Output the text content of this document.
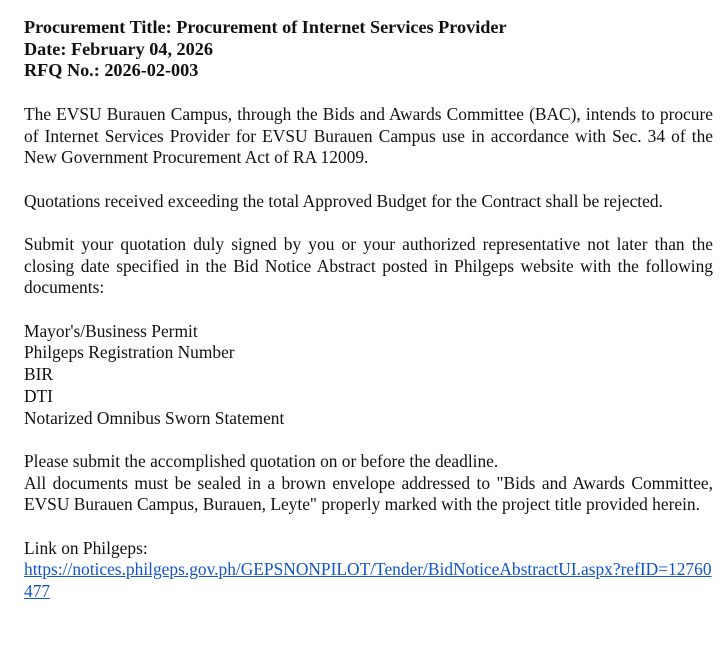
Procurement Title: Procurement of Internet Services Provider
Date: February 04, 2026
RFQ No.: 2026-02-003

The EVSU Burauen Campus, through the Bids and Awards Committee (BAC), intends to procure of Internet Services Provider for EVSU Burauen Campus use in accordance with Sec. 34 of the New Government Procurement Act of RA 12009.

Quotations received exceeding the total Approved Budget for the Contract shall be rejected.

Submit your quotation duly signed by you or your authorized representative not later than the closing date specified in the Bid Notice Abstract posted in Philgeps website with the following documents:

Mayor's/Business Permit
Philgeps Registration Number
BIR
DTI
Notarized Omnibus Sworn Statement

Please submit the accomplished quotation on or before the deadline.

All documents must be sealed in a brown envelope addressed to "Bids and Awards Committee, EVSU Burauen Campus, Burauen, Leyte" properly marked with the project title provided herein.

Link on Philgeps:
https://notices.philgeps.gov.ph/GEPSNONPILOT/Tender/BidNoticeAbstractUI.aspx?refID=12760477
